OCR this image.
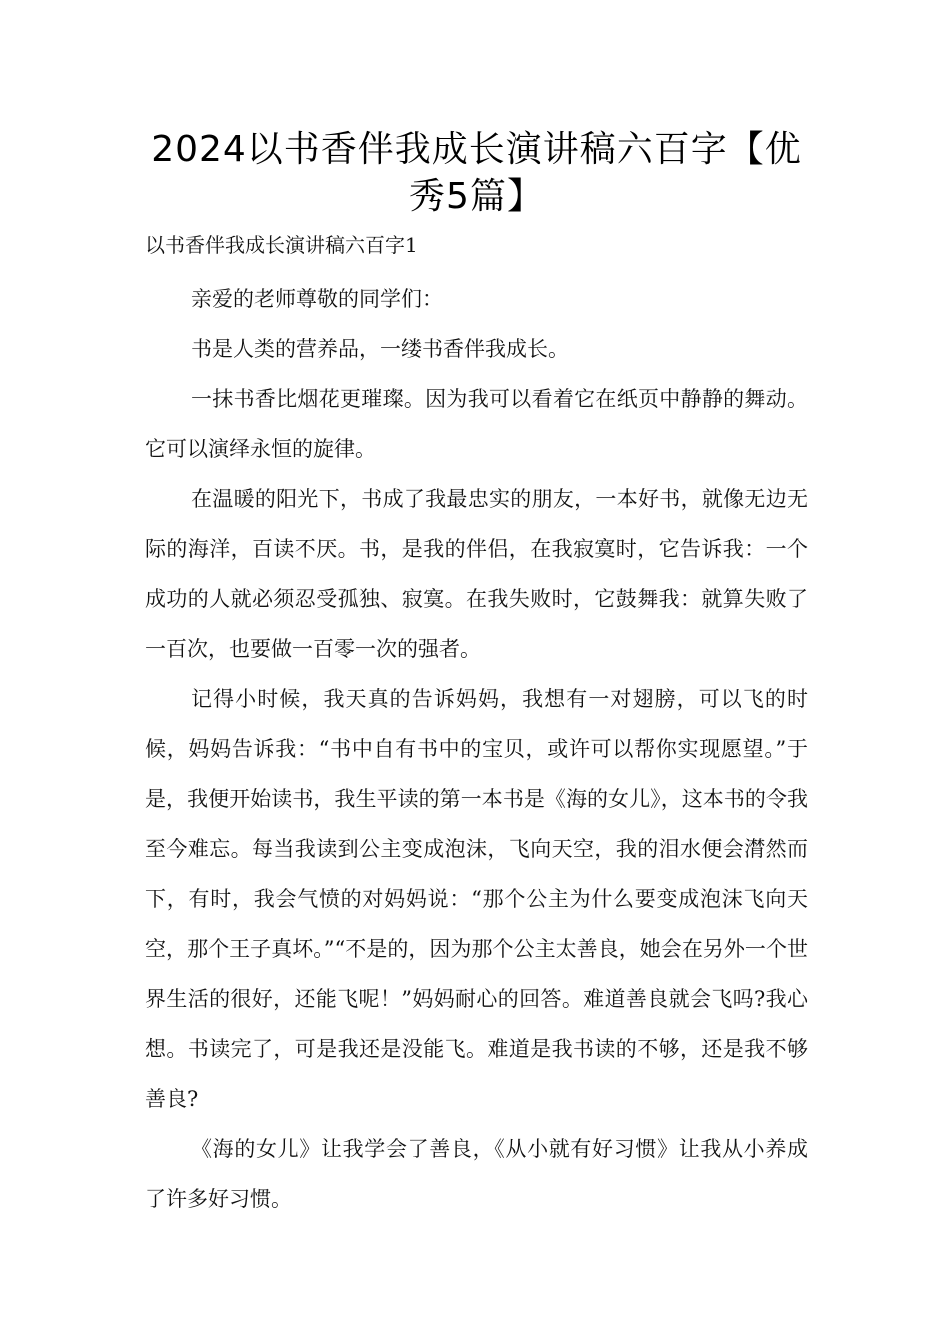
2024以书香伴我成长演讲稿六百字【优秀5篇】

以书香伴我成长演讲稿六百字1

亲爱的老师尊敬的同学们：

书是人类的营养品，一缕书香伴我成长。

一抹书香比烟花更璀璨。因为我可以看着它在纸页中静静的舞动。它可以演绎永恒的旋律。

在温暖的阳光下，书成了我最忠实的朋友，一本好书，就像无边无际的海洋，百读不厌。书，是我的伴侣，在我寂寞时，它告诉我：一个成功的人就必须忍受孤独、寂寞。在我失败时，它鼓舞我：就算失败了一百次，也要做一百零一次的强者。

记得小时候，我天真的告诉妈妈，我想有一对翅膀，可以飞的时候，妈妈告诉我：“书中自有书中的宝贝，或许可以帮你实现愿望。”于是，我便开始读书，我生平读的第一本书是《海的女儿》，这本书的令我至今难忘。每当我读到公主变成泡沫，飞向天空，我的泪水便会潸然而下，有时，我会气愤的对妈妈说：“那个公主为什么要变成泡沫飞向天空，那个王子真坏。”“不是的，因为那个公主太善良，她会在另外一个世界生活的很好，还能飞呢！”妈妈耐心的回答。难道善良就会飞吗?我心想。书读完了，可是我还是没能飞。难道是我书读的不够，还是我不够善良?

《海的女儿》让我学会了善良，《从小就有好习惯》让我从小养成了许多好习惯。
